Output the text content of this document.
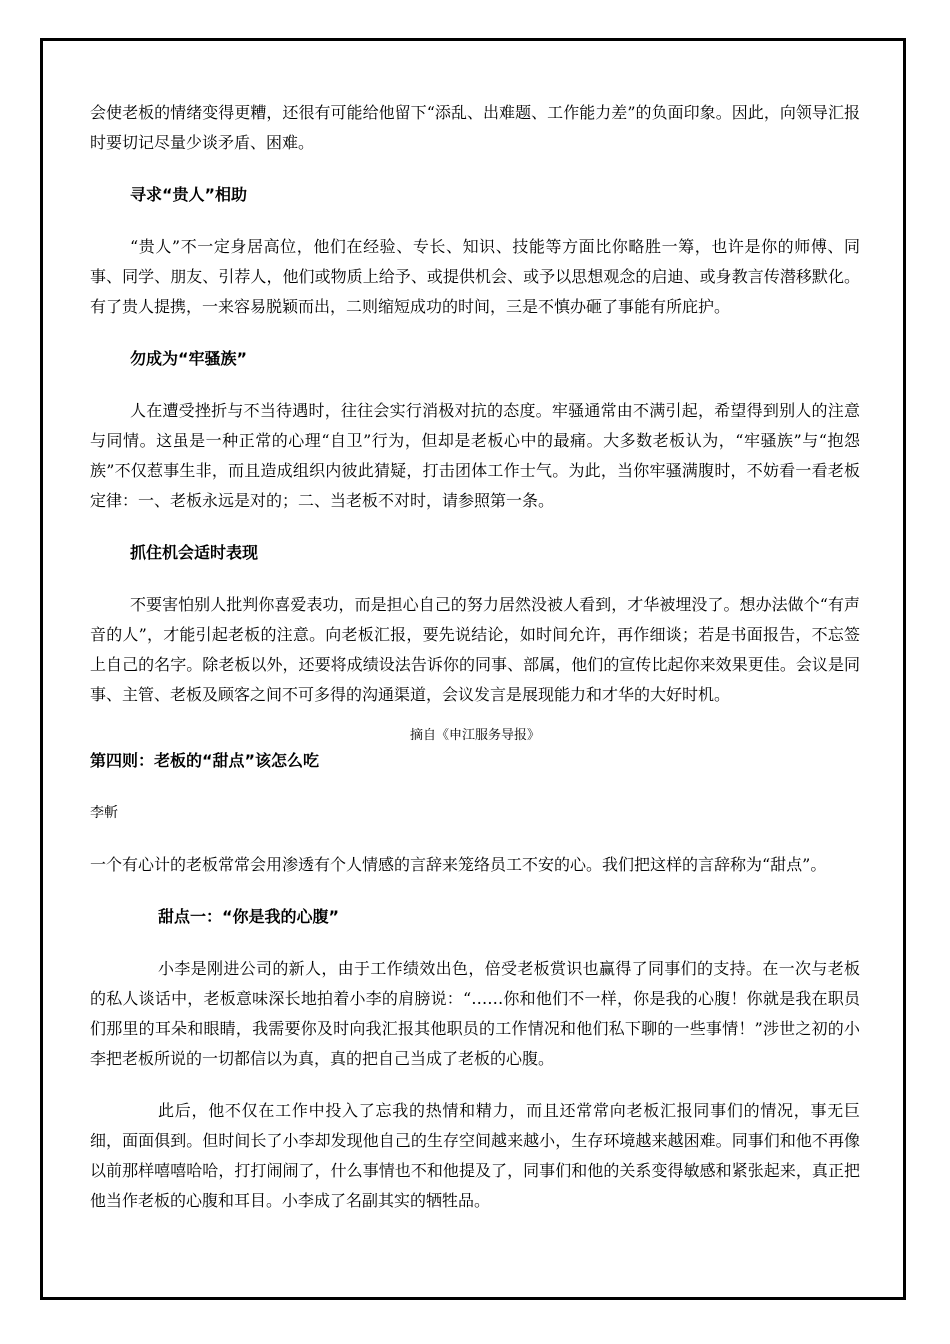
会使老板的情绪变得更糟，还很有可能给他留下“添乱、出难题、工作能力差”的负面印象。因此，向领导汇报时要切记尽量少谈矛盾、困难。

寻求“贵人”相助

“贵人”不一定身居高位，他们在经验、专长、知识、技能等方面比你略胜一筹，也许是你的师傅、同事、同学、朋友、引荐人，他们或物质上给予、或提供机会、或予以思想观念的启迪、或身教言传潜移默化。有了贵人提携，一来容易脱颖而出，二则缩短成功的时间，三是不慎办砸了事能有所庇护。

勿成为“牢骚族”

人在遭受挫折与不当待遇时，往往会实行消极对抗的态度。牢骚通常由不满引起，希望得到别人的注意与同情。这虽是一种正常的心理“自卫”行为，但却是老板心中的最痛。大多数老板认为，“牢骚族”与“抱怨族”不仅惹事生非，而且造成组织内彼此猜疑，打击团体工作士气。为此，当你牢骚满腹时，不妨看一看老板定律：一、老板永远是对的；二、当老板不对时，请参照第一条。

抓住机会适时表现

不要害怕别人批判你喜爱表功，而是担心自己的努力居然没被人看到，才华被埋没了。想办法做个“有声音的人”，才能引起老板的注意。向老板汇报，要先说结论，如时间允许，再作细谈；若是书面报告，不忘签上自己的名字。除老板以外，还要将成绩设法告诉你的同事、部属，他们的宣传比起你来效果更佳。会议是同事、主管、老板及顾客之间不可多得的沟通渠道，会议发言是展现能力和才华的大好时机。

摘自《申江服务导报》

第四则：老板的“甜点”该怎么吃

李斬

一个有心计的老板常常会用渗透有个人情感的言辞来笼络员工不安的心。我们把这样的言辞称为“甜点”。

甜点一：“你是我的心腹”

小李是刚进公司的新人，由于工作绩效出色，倍受老板赏识也赢得了同事们的支持。在一次与老板的私人谈话中，老板意味深长地拍着小李的肩膀说：“……你和他们不一样，你是我的心腹！你就是我在职员们那里的耳朵和眼睛，我需要你及时向我汇报其他职员的工作情况和他们私下聊的一些事情！”涉世之初的小李把老板所说的一切都信以为真，真的把自己当成了老板的心腹。

此后，他不仅在工作中投入了忘我的热情和精力，而且还常常向老板汇报同事们的情况，事无巨细，面面俱到。但时间长了小李却发现他自己的生存空间越来越小，生存环境越来越困难。同事们和他不再像以前那样嘻嘻哈哈，打打闹闹了，什么事情也不和他提及了，同事们和他的关系变得敏感和紧张起来，真正把他当作老板的心腹和耳目。小李成了名副其实的牺牲品。
